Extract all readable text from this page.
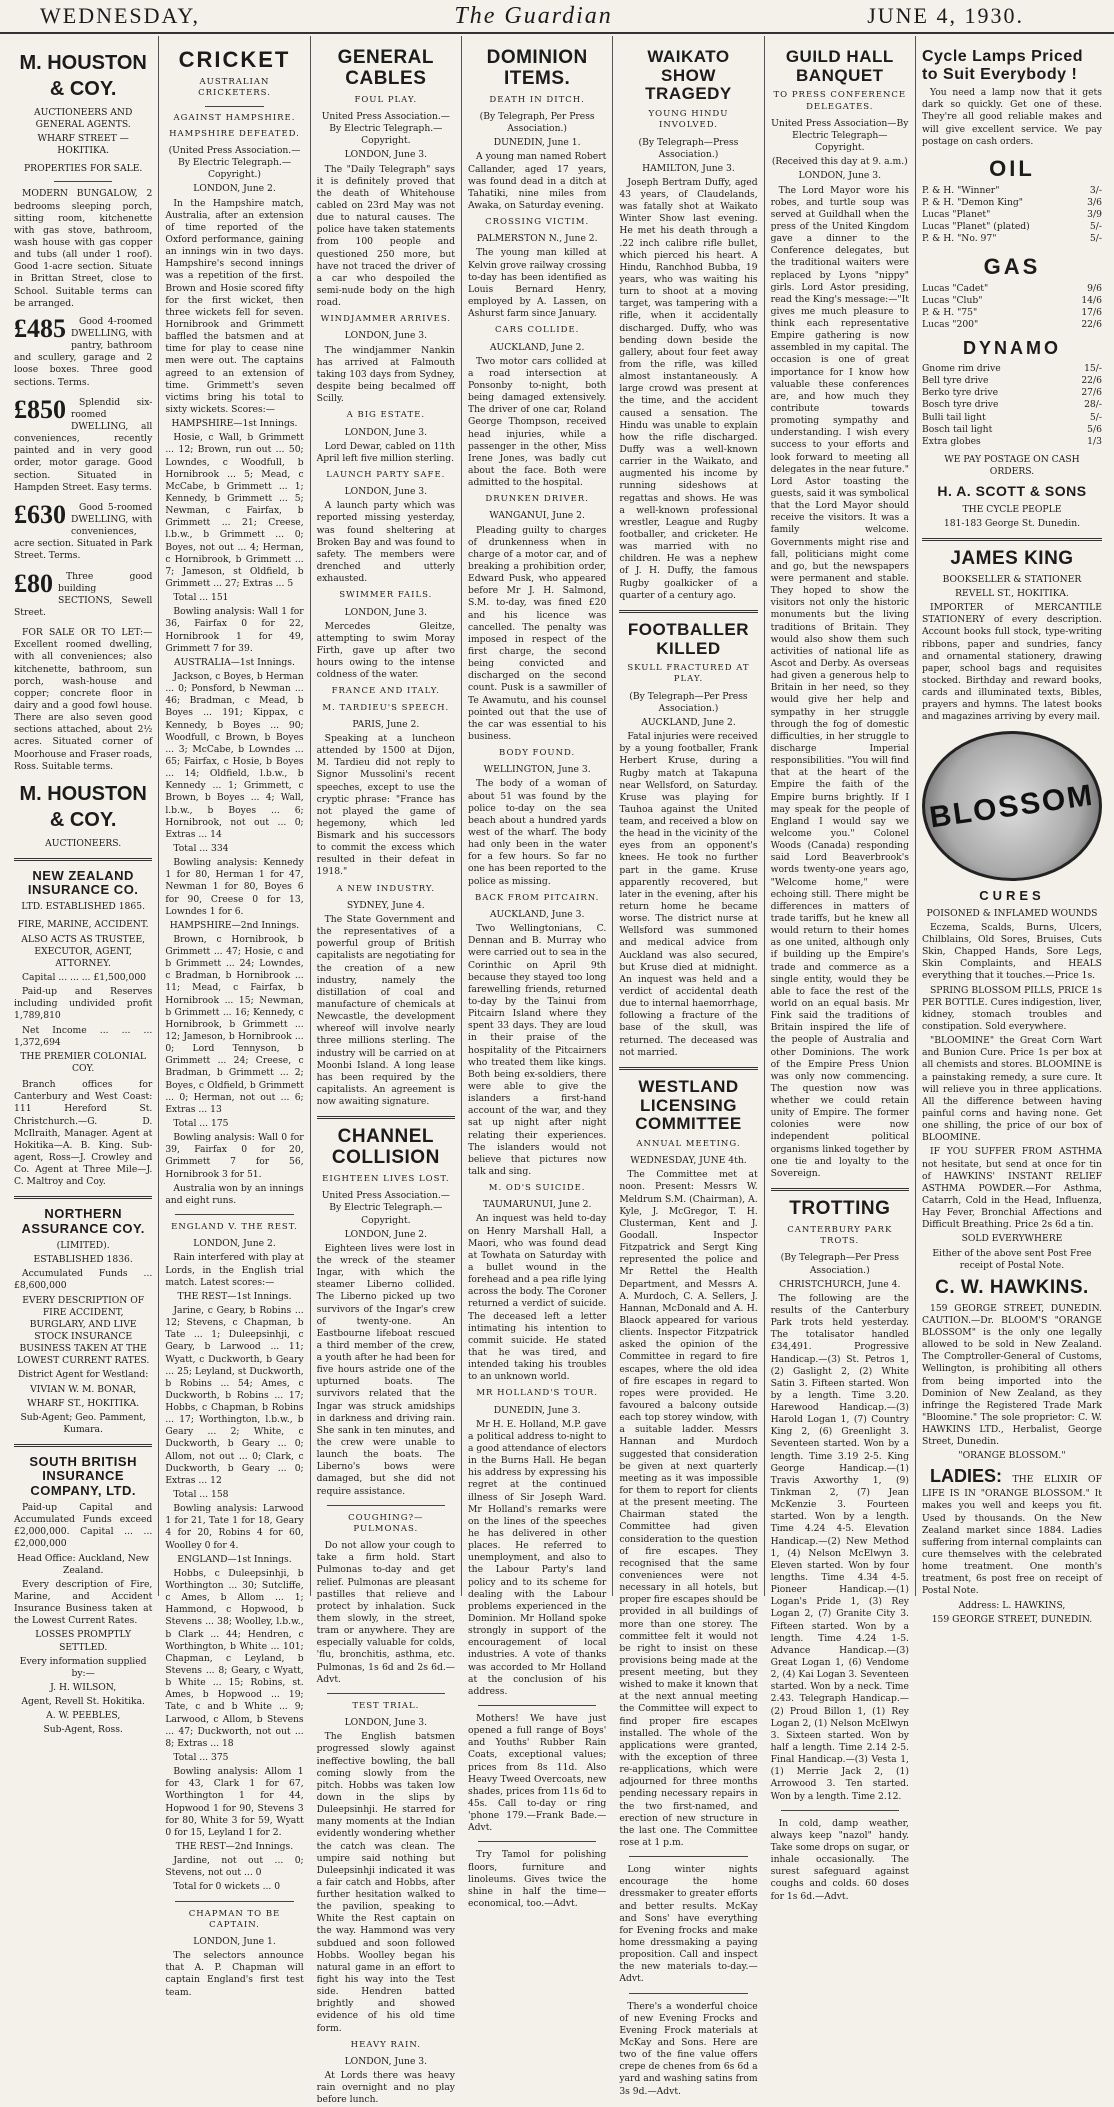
WEDNESDAY,	The Guardian	JUNE 4, 1930.
M. HOUSTON & COY.

AUCTIONEERS AND GENERAL AGENTS.

WHARF STREET — HOKITIKA.

PROPERTIES FOR SALE.

MODERN BUNGALOW, 2 bedrooms sleeping porch, sitting room, kitchenette with gas stove, bathroom, wash house with gas copper and tubs (all under 1 roof). Good 1-acre section. Situate in Brittan Street, close to School. Suitable terms can be arranged.

£485	Good 4-roomed DWELLING, with pantry, bathroom and scullery, garage and 2 loose boxes. Three good sections. Terms.

£850	Splendid six-roomed DWELLING, all conveniences, recently painted and in very good order, motor garage. Good section. Situated in Hampden Street. Easy terms.

£630	Good 5-roomed DWELLING, with conveniences, acre section. Situated in Park Street. Terms.

£80	Three good building SECTIONS, Sewell Street.

FOR SALE OR TO LET:—Excellent roomed dwelling, with all conveniences; also kitchenette, bathroom, sun porch, wash-house and copper; concrete floor in dairy and a good fowl house. There are also seven good sections attached, about 2½ acres. Situated corner of Moorhouse and Fraser roads, Ross. Suitable terms.

M. HOUSTON & COY.

AUCTIONEERS.

NEW ZEALAND INSURANCE CO.

LTD. ESTABLISHED 1865.

FIRE, MARINE, ACCIDENT.

ALSO ACTS AS TRUSTEE, EXECUTOR, AGENT, ATTORNEY.

Capital ... ... ... £1,500,000

Paid-up and Reserves including undivided profit 1,789,810

Net Income ... ... ... 1,372,694

THE PREMIER COLONIAL COY.

Branch offices for Canterbury and West Coast: 111 Hereford St. Christchurch.—G. D. McIlraith, Manager. Agent at Hokitika—A. B. King. Sub-agent, Ross—J. Crowley and Co. Agent at Three Mile—J. C. Maltroy and Coy.

NORTHERN ASSURANCE COY.

(LIMITED).

ESTABLISHED 1836.

Accumulated Funds ... £8,600,000

EVERY DESCRIPTION OF FIRE ACCIDENT, BURGLARY, AND LIVE STOCK INSURANCE BUSINESS TAKEN AT THE LOWEST CURRENT RATES.

District Agent for Westland:

VIVIAN W. M. BONAR,

WHARF ST., HOKITIKA.

Sub-Agent; Geo. Pamment, Kumara.

SOUTH BRITISH INSURANCE COMPANY, LTD.

Paid-up Capital and Accumulated Funds exceed £2,000,000. Capital ... ... £2,000,000

Head Office: Auckland, New Zealand.

Every description of Fire, Marine, and Accident Insurance Business taken at the Lowest Current Rates.

LOSSES PROMPTLY SETTLED.

Every information supplied by:—

J. H. WILSON,

Agent, Revell St. Hokitika.

A. W. PEEBLES,

Sub-Agent, Ross.

CRICKET
AUSTRALIAN CRICKETERS.
AGAINST HAMPSHIRE.
HAMPSHIRE DEFEATED.

(United Press Association.—By Electric Telegraph.—Copyright.)

LONDON, June 2.

In the Hampshire match, Australia, after an extension of time reported of the Oxford performance, gaining an innings win in two days. Hampshire's second innings was a repetition of the first. Brown and Hosie scored fifty for the first wicket, then three wickets fell for seven. Hornibrook and Grimmett baffled the batsmen and at time for play to cease nine men were out. The captains agreed to an extension of time. Grimmett's seven victims bring his total to sixty wickets. Scores:—

HAMPSHIRE—1st Innings.

Hosie, c Wall, b Grimmett ... 12; Brown, run out ... 50; Lowndes, c Woodfull, b Hornibrook ... 5; Mead, c McCabe, b Grimmett ... 1; Kennedy, b Grimmett ... 5; Newman, c Fairfax, b Grimmett ... 21; Creese, l.b.w., b Grimmett ... 0; Boyes, not out ... 4; Herman, c Hornibrook, b Grimmett ... 7; Jameson, st Oldfield, b Grimmett ... 27; Extras ... 5

Total ... 151

Bowling analysis: Wall 1 for 36, Fairfax 0 for 22, Hornibrook 1 for 49, Grimmett 7 for 39.

AUSTRALIA—1st Innings.

Jackson, c Boyes, b Herman ... 0; Ponsford, b Newman ... 46; Bradman, c Mead, b Boyes ... 191; Kippax, c Kennedy, b Boyes ... 90; Woodfull, c Brown, b Boyes ... 3; McCabe, b Lowndes ... 65; Fairfax, c Hosie, b Boyes ... 14; Oldfield, l.b.w., b Kennedy ... 1; Grimmett, c Brown, b Boyes ... 4; Wall, l.b.w., b Boyes ... 6; Hornibrook, not out ... 0; Extras ... 14

Total ... 334

Bowling analysis: Kennedy 1 for 80, Herman 1 for 47, Newman 1 for 80, Boyes 6 for 90, Creese 0 for 13, Lowndes 1 for 6.

HAMPSHIRE—2nd Innings.

Brown, c Hornibrook, b Grimmett ... 47; Hosie, c and b Grimmett ... 24; Lowndes, c Bradman, b Hornibrook ... 11; Mead, c Fairfax, b Hornibrook ... 15; Newman, b Grimmett ... 16; Kennedy, c Hornibrook, b Grimmett ... 12; Jameson, b Hornibrook ... 0; Lord Tennyson, b Grimmett ... 24; Creese, c Bradman, b Grimmett ... 2; Boyes, c Oldfield, b Grimmett ... 0; Herman, not out ... 6; Extras ... 13

Total ... 175

Bowling analysis: Wall 0 for 39, Fairfax 0 for 20, Grimmett 7 for 56, Hornibrook 3 for 51.

Australia won by an innings and eight runs.

ENGLAND V. THE REST.

LONDON, June 2.

Rain interfered with play at Lords, in the English trial match. Latest scores:—

THE REST—1st Innings.

Jarine, c Geary, b Robins ... 12; Stevens, c Chapman, b Tate ... 1; Duleepsinhji, c Geary, b Larwood ... 11; Wyatt, c Duckworth, b Geary ... 25; Leyland, st Duckworth, b Robins ... 54; Ames, c Duckworth, b Robins ... 17; Hobbs, c Chapman, b Robins ... 17; Worthington, l.b.w., b Geary ... 2; White, c Duckworth, b Geary ... 0; Allom, not out ... 0; Clark, c Duckworth, b Geary ... 0; Extras ... 12

Total ... 158

Bowling analysis: Larwood 1 for 21, Tate 1 for 18, Geary 4 for 20, Robins 4 for 60, Woolley 0 for 4.

ENGLAND—1st Innings.

Hobbs, c Duleepsinhji, b Worthington ... 30; Sutcliffe, c Ames, b Allom ... 1; Hammond, c Hopwood, b Stevens ... 38; Woolley, l.b.w., b Clark ... 44; Hendren, c Worthington, b White ... 101; Chapman, c Leyland, b Stevens ... 8; Geary, c Wyatt, b White ... 15; Robins, st. Ames, b Hopwood ... 19; Tate, c and b White ... 9; Larwood, c Allom, b Stevens ... 47; Duckworth, not out ... 8; Extras ... 18

Total ... 375

Bowling analysis: Allom 1 for 43, Clark 1 for 67, Worthington 1 for 44, Hopwood 1 for 90, Stevens 3 for 80, White 3 for 59, Wyatt 0 for 15, Leyland 1 for 2.

THE REST—2nd Innings.

Jardine, not out ... 0; Stevens, not out ... 0

Total for 0 wickets ... 0

CHAPMAN TO BE CAPTAIN.

LONDON, June 1.

The selectors announce that A. P. Chapman will captain England's first test team.

GENERAL CABLES
FOUL PLAY.

United Press Association.—By Electric Telegraph.—Copyright.

LONDON, June 3.

The "Daily Telegraph" says it is definitely proved that the death of Whitehouse cabled on 23rd May was not due to natural causes. The police have taken statements from 100 people and questioned 250 more, but have not traced the driver of a car who despoiled the semi-nude body on the high road.

WINDJAMMER ARRIVES.

LONDON, June 3.

The windjammer Nankin has arrived at Falmouth taking 103 days from Sydney, despite being becalmed off Scilly.

A BIG ESTATE.

LONDON, June 3.

Lord Dewar, cabled on 11th April left five million sterling.

LAUNCH PARTY SAFE.

LONDON, June 3.

A launch party which was reported missing yesterday, was found sheltering at Broken Bay and was found to safety. The members were drenched and utterly exhausted.

SWIMMER FAILS.

LONDON, June 3.

Mercedes Gleitze, attempting to swim Moray Firth, gave up after two hours owing to the intense coldness of the water.

FRANCE AND ITALY.
M. TARDIEU'S SPEECH.

PARIS, June 2.

Speaking at a luncheon attended by 1500 at Dijon, M. Tardieu did not reply to Signor Mussolini's recent speeches, except to use the cryptic phrase: "France has not played the game of hegemony, which led Bismark and his successors to commit the excess which resulted in their defeat in 1918."

A NEW INDUSTRY.

SYDNEY, June 4.

The State Government and the representatives of a powerful group of British capitalists are negotiating for the creation of a new industry, namely the distillation of coal and manufacture of chemicals at Newcastle, the development whereof will involve nearly three millions sterling. The industry will be carried on at Moonbi Island. A long lease has been required by the capitalists. An agreement is now awaiting signature.

CHANNEL COLLISION
EIGHTEEN LIVES LOST.

United Press Association.—By Electric Telegraph.—Copyright.

LONDON, June 2.

Eighteen lives were lost in the wreck of the steamer Ingar, with which the steamer Liberno collided. The Liberno picked up two survivors of the Ingar's crew of twenty-one. An Eastbourne lifeboat rescued a third member of the crew, a youth after he had been for five hours astride one of the upturned boats. The survivors related that the Ingar was struck amidships in darkness and driving rain. She sank in ten minutes, and the crew were unable to launch the boats. The Liberno's bows were damaged, but she did not require assistance.

COUGHING?—PULMONAS.

Do not allow your cough to take a firm hold. Start Pulmonas to-day and get relief. Pulmonas are pleasant pastilles that relieve and protect by inhalation. Suck them slowly, in the street, tram or anywhere. They are especially valuable for colds, 'flu, bronchitis, asthma, etc. Pulmonas, 1s 6d and 2s 6d.—Advt.

TEST TRIAL.

LONDON, June 3.

The English batsmen progressed slowly against ineffective bowling, the ball coming slowly from the pitch. Hobbs was taken low down in the slips by Duleepsinhji. He starred for many moments at the Indian evidently wondering whether the catch was clean. The umpire said nothing but Duleepsinhji indicated it was a fair catch and Hobbs, after further hesitation walked to the pavilion, speaking to White the Rest captain on the way. Hammond was very subdued and soon followed Hobbs. Woolley began his natural game in an effort to fight his way into the Test side. Hendren batted brightly and showed evidence of his old time form.

HEAVY RAIN.

LONDON, June 3.

At Lords there was heavy rain overnight and no play before lunch.

DOMINION ITEMS.
DEATH IN DITCH.

(By Telegraph, Per Press Association.)

DUNEDIN, June 1.

A young man named Robert Callander, aged 17 years, was found dead in a ditch at Tahatiki, nine miles from Awaka, on Saturday evening.

CROSSING VICTIM.

PALMERSTON N., June 2.

The young man killed at Kelvin grove railway crossing to-day has been identified as Louis Bernard Henry, employed by A. Lassen, on Ashurst farm since January.

CARS COLLIDE.

AUCKLAND, June 2.

Two motor cars collided at a road intersection at Ponsonby to-night, both being damaged extensively. The driver of one car, Roland George Thompson, received head injuries, while a passenger in the other, Miss Irene Jones, was badly cut about the face. Both were admitted to the hospital.

DRUNKEN DRIVER.

WANGANUI, June 2.

Pleading guilty to charges of drunkenness when in charge of a motor car, and of breaking a prohibition order, Edward Pusk, who appeared before Mr J. H. Salmond, S.M. to-day, was fined £20 and his licence was cancelled. The penalty was imposed in respect of the first charge, the second being convicted and discharged on the second count. Pusk is a sawmiller of Te Awamutu, and his counsel pointed out that the use of the car was essential to his business.

BODY FOUND.

WELLINGTON, June 3.

The body of a woman of about 51 was found by the police to-day on the sea beach about a hundred yards west of the wharf. The body had only been in the water for a few hours. So far no one has been reported to the police as missing.

BACK FROM PITCAIRN.

AUCKLAND, June 3.

Two Wellingtonians, C. Dennan and B. Murray who were carried out to sea in the Corinthic on April 9th because they stayed too long farewelling friends, returned to-day by the Tainui from Pitcairn Island where they spent 33 days. They are loud in their praise of the hospitality of the Pitcairners who treated them like kings. Both being ex-soldiers, there were able to give the islanders a first-hand account of the war, and they sat up night after night relating their experiences. The islanders would not believe that pictures now talk and sing.

M. OD'S SUICIDE.

TAUMARUNUI, June 2.

An inquest was held to-day on Henry Marshall Hall, a Maori, who was found dead at Towhata on Saturday with a bullet wound in the forehead and a pea rifle lying across the body. The Coroner returned a verdict of suicide. The deceased left a letter intimating his intention to commit suicide. He stated that he was tired, and intended taking his troubles to an unknown world.

MR HOLLAND'S TOUR.

DUNEDIN, June 3.

Mr H. E. Holland, M.P. gave a political address to-night to a good attendance of electors in the Burns Hall. He began his address by expressing his regret at the continued illness of Sir Joseph Ward. Mr Holland's remarks were on the lines of the speeches he has delivered in other places. He referred to unemployment, and also to the Labour Party's land policy and to its scheme for dealing with the Labour problems experienced in the Dominion. Mr Holland spoke strongly in support of the encouragement of local industries. A vote of thanks was accorded to Mr Holland at the conclusion of his address.

Mothers! We have just opened a full range of Boys' and Youths' Rubber Rain Coats, exceptional values; prices from 8s 11d. Also Heavy Tweed Overcoats, new shades, prices from 11s 6d to 45s. Call to-day or ring 'phone 179.—Frank Bade.—Advt.

Try Tamol for polishing floors, furniture and linoleums. Gives twice the shine in half the time—economical, too.—Advt.

WAIKATO SHOW TRAGEDY
YOUNG HINDU INVOLVED.

(By Telegraph—Press Association.)

HAMILTON, June 3.

Joseph Bertram Duffy, aged 43 years, of Claudelands, was fatally shot at Waikato Winter Show last evening. He met his death through a .22 inch calibre rifle bullet, which pierced his heart. A Hindu, Ranchhod Bubba, 19 years, who was waiting his turn to shoot at a moving target, was tampering with a rifle, when it accidentally discharged. Duffy, who was bending down beside the gallery, about four feet away from the rifle, was killed almost instantaneously. A large crowd was present at the time, and the accident caused a sensation. The Hindu was unable to explain how the rifle discharged. Duffy was a well-known carrier in the Waikato, and augmented his income by running sideshows at regattas and shows. He was a well-known professional wrestler, League and Rugby footballer, and cricketer. He was married with no children. He was a nephew of J. H. Duffy, the famous Rugby goalkicker of a quarter of a century ago.

FOOTBALLER KILLED
SKULL FRACTURED AT PLAY.

(By Telegraph—Per Press Association.)

AUCKLAND, June 2.

Fatal injuries were received by a young footballer, Frank Herbert Kruse, during a Rugby match at Takapuna near Wellsford, on Saturday. Kruse was playing for Tauhoa against the United team, and received a blow on the head in the vicinity of the eyes from an opponent's knees. He took no further part in the game. Kruse apparently recovered, but later in the evening, after his return home he became worse. The district nurse at Wellsford was summoned and medical advice from Auckland was also secured, but Kruse died at midnight. An inquest was held and a verdict of accidental death due to internal haemorrhage, following a fracture of the base of the skull, was returned. The deceased was not married.

WESTLAND LICENSING COMMITTEE
ANNUAL MEETING.

WEDNESDAY, JUNE 4th.

The Committee met at noon. Present: Messrs W. Meldrum S.M. (Chairman), A. Kyle, J. McGregor, T. H. Clusterman, Kent and J. Goodall. Inspector Fitzpatrick and Sergt King represented the police and Mr Rettel the Health Department, and Messrs A. A. Murdoch, C. A. Sellers, J. Hannan, McDonald and A. H. Blaock appeared for various clients. Inspector Fitzpatrick asked the opinion of the Committee in regard to fire escapes, where the old idea of fire escapes in regard to ropes were provided. He favoured a balcony outside each top storey window, with a suitable ladder. Messrs Hannan and Murdoch suggested that consideration be given at next quarterly meeting as it was impossible for them to report for clients at the present meeting. The Chairman stated the Committee had given consideration to the question of fire escapes. They recognised that the same conveniences were not necessary in all hotels, but proper fire escapes should be provided in all buildings of more than one storey. The committee felt it would not be right to insist on these provisions being made at the present meeting, but they wished to make it known that at the next annual meeting the Committee will expect to find proper fire escapes installed. The whole of the applications were granted, with the exception of three re-applications, which were adjourned for three months pending necessary repairs in the two first-named, and erection of new structure in the last one. The Committee rose at 1 p.m.

Long winter nights encourage the home dressmaker to greater efforts and better results. McKay and Sons' have everything for Evening frocks and make home dressmaking a paying proposition. Call and inspect the new materials to-day.—Advt.

There's a wonderful choice of new Evening Frocks and Evening Frock materials at McKay and Sons. Here are two of the fine value offers crepe de chenes from 6s 6d a yard and washing satins from 3s 9d.—Advt.

GUILD HALL BANQUET
TO PRESS CONFERENCE DELEGATES.

United Press Association—By Electric Telegraph—Copyright.

(Received this day at 9. a.m.)

LONDON, June 3.

The Lord Mayor wore his robes, and turtle soup was served at Guildhall when the press of the United Kingdom gave a dinner to the Conference delegates, but the traditional waiters were replaced by Lyons "nippy" girls. Lord Astor presiding, read the King's message:—"It gives me much pleasure to think each representative Empire gathering is now assembled in my capital. The occasion is one of great importance for I know how valuable these conferences are, and how much they contribute towards promoting sympathy and understanding. I wish every success to your efforts and look forward to meeting all delegates in the near future." Lord Astor toasting the guests, said it was symbolical that the Lord Mayor should receive the visitors. It was a family welcome. Governments might rise and fall, politicians might come and go, but the newspapers were permanent and stable. They hoped to show the visitors not only the historic monuments but the living traditions of Britain. They would also show them such activities of national life as Ascot and Derby. As overseas had given a generous help to Britain in her need, so they would give her help and sympathy in her struggle through the fog of domestic difficulties, in her struggle to discharge Imperial responsibilities. "You will find that at the heart of the Empire the faith of the Empire burns brightly. If I may speak for the people of England I would say we welcome you." Colonel Woods (Canada) responding said Lord Beaverbrook's words twenty-one years ago, "Welcome home," were echoing still. There might be differences in matters of trade tariffs, but he knew all would return to their homes as one united, although only if building up the Empire's trade and commerce as a single entity, would they be able to face the rest of the world on an equal basis. Mr Fink said the traditions of Britain inspired the life of the people of Australia and other Dominions. The work of the Empire Press Union was only now commencing. The question now was whether we could retain unity of Empire. The former colonies were now independent political organisms linked together by one tie and loyalty to the Sovereign.

TROTTING
CANTERBURY PARK TROTS.

(By Telegraph—Per Press Association.)

CHRISTCHURCH, June 4.

The following are the results of the Canterbury Park trots held yesterday. The totalisator handled £34,491. Progressive Handicap.—(3) St. Petros 1, (2) Gaslight 2, (2) White Satin 3. Fifteen started. Won by a length. Time 3.20. Harewood Handicap.—(3) Harold Logan 1, (7) Country King 2, (6) Greenlight 3. Seventeen started. Won by a length. Time 3.19 2-5. King George Handicap.—(1) Travis Axworthy 1, (9) Tinkman 2, (7) Jean McKenzie 3. Fourteen started. Won by a length. Time 4.24 4-5. Elevation Handicap.—(2) New Method 1, (4) Nelson McElwyn 3. Eleven started. Won by four lengths. Time 4.34 4-5. Pioneer Handicap.—(1) Logan's Pride 1, (3) Rey Logan 2, (7) Granite City 3. Fifteen started. Won by a length. Time 4.24 1-5. Advance Handicap.—(3) Great Logan 1, (6) Vendome 2, (4) Kai Logan 3. Seventeen started. Won by a neck. Time 2.43. Telegraph Handicap.—(2) Proud Billon 1, (1) Rey Logan 2, (1) Nelson McElwyn 3. Sixteen started. Won by half a length. Time 2.14 2-5. Final Handicap.—(3) Vesta 1, (1) Merrie Jack 2, (1) Arrowood 3. Ten started. Won by a length. Time 2.12.

In cold, damp weather, always keep "nazol" handy. Take some drops on sugar, or inhale occasionally. The surest safeguard against coughs and colds. 60 doses for 1s 6d.—Advt.

Cycle Lamps Priced to Suit Everybody !

You need a lamp now that it gets dark so quickly. Get one of these. They're all good reliable makes and will give excellent service. We pay postage on cash orders.

OIL
P. & H. "Winner"	3/-
P. & H. "Demon King"	3/6
Lucas "Planet"	3/9
Lucas "Planet" (plated)	5/-
P. & H. "No. 97"	5/-
GAS
Lucas "Cadet"	9/6
Lucas "Club"	14/6
P. & H. "75"	17/6
Lucas "200"	22/6
DYNAMO
Gnome rim drive	15/-
Bell tyre drive	22/6
Berko tyre drive	27/6
Bosch tyre drive	28/-
Bulli tail light	5/-
Bosch tail light	5/6
Extra globes	1/3

WE PAY POSTAGE ON CASH ORDERS.

H. A. SCOTT & SONS

THE CYCLE PEOPLE

181-183 George St. Dunedin.

JAMES KING

BOOKSELLER & STATIONER

REVELL ST., HOKITIKA.

IMPORTER of MERCANTILE STATIONERY of every description. Account books full stock, type-writing ribbons, paper and sundries, fancy and ornamental stationery, drawing paper, school bags and requisites stocked. Birthday and reward books, cards and illuminated texts, Bibles, prayers and hymns. The latest books and magazines arriving by every mail.

BLOSSOM
CURES

POISONED & INFLAMED WOUNDS

Eczema, Scalds, Burns, Ulcers, Chilblains, Old Sores, Bruises, Cuts Skin, Chapped Hands, Sore Legs, Skin Complaints, and HEALS everything that it touches.—Price 1s.

SPRING BLOSSOM PILLS, PRICE 1s PER BOTTLE. Cures indigestion, liver, kidney, stomach troubles and constipation. Sold everywhere.

"BLOOMINE" the Great Corn Wart and Bunion Cure. Price 1s per box at all chemists and stores. BLOOMINE is a painstaking remedy, a sure cure. It will relieve you in three applications. All the difference between having painful corns and having none. Get one shilling, the price of our box of BLOOMINE.

IF YOU SUFFER FROM ASTHMA not hesitate, but send at once for tin of HAWKINS' INSTANT RELIEF ASTHMA POWDER.—For Asthma, Catarrh, Cold in the Head, Influenza, Hay Fever, Bronchial Affections and Difficult Breathing. Price 2s 6d a tin.

SOLD EVERYWHERE

Either of the above sent Post Free receipt of Postal Note.

C. W. HAWKINS.

159 GEORGE STREET, DUNEDIN. CAUTION.—Dr. BLOOM'S "ORANGE BLOSSOM" is the only one legally allowed to be sold in New Zealand. The Comptroller-General of Customs, Wellington, is prohibiting all others from being imported into the Dominion of New Zealand, as they infringe the Registered Trade Mark "Bloomine." The sole proprietor: C. W. HAWKINS LTD., Herbalist, George Street, Dunedin.

"ORANGE BLOSSOM."

LADIES: THE ELIXIR OF LIFE IS IN "ORANGE BLOSSOM." It makes you well and keeps you fit. Used by thousands. On the New Zealand market since 1884. Ladies suffering from internal complaints can cure themselves with the celebrated home treatment. One month's treatment, 6s post free on receipt of Postal Note.

Address: L. HAWKINS,

159 GEORGE STREET, DUNEDIN.
